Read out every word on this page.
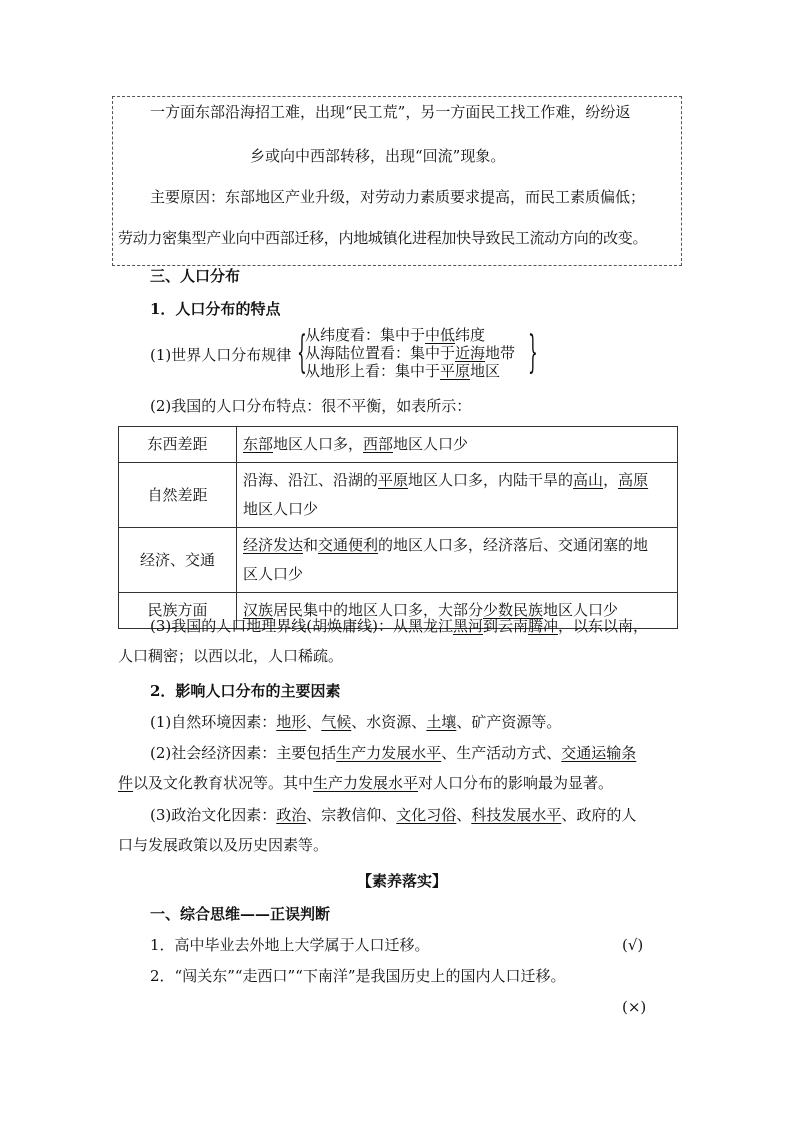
一方面东部沿海招工难，出现“民工荒”，另一方面民工找工作难，纷纷返
乡或向中西部转移，出现“回流”现象。
主要原因：东部地区产业升级，对劳动力素质要求提高，而民工素质偏低；
劳动力密集型产业向中西部迁移，内地城镇化进程加快导致民工流动方向的改变。
三、人口分布
1．人口分布的特点
(1)世界人口分布规律 {
从纬度看：集中于中低纬度
从海陆位置看：集中于近海地带
从地形上看：集中于平原地区 }
(2)我国的人口分布特点：很不平衡，如表所示：
东西差距	东部地区人口多，西部地区人口少
自然差距	沿海、沿江、沿湖的平原地区人口多，内陆干旱的高山，高原
地区人口少
经济、交通	经济发达和交通便利的地区人口多，经济落后、交通闭塞的地
区人口少
民族方面	汉族居民集中的地区人口多，大部分少数民族地区人口少
(3)我国的人口地理界线(胡焕庸线)：从黑龙江黑河到云南腾冲，以东以南，
人口稠密；以西以北，人口稀疏。
2．影响人口分布的主要因素
(1)自然环境因素：地形、气候、水资源、土壤、矿产资源等。
(2)社会经济因素：主要包括生产力发展水平、生产活动方式、交通运输条
件以及文化教育状况等。其中生产力发展水平对人口分布的影响最为显著。
(3)政治文化因素：政治、宗教信仰、文化习俗、科技发展水平、政府的人
口与发展政策以及历史因素等。
【素养落实】
一、综合思维——正误判断
1．高中毕业去外地上大学属于人口迁移。	(√)
2．“闯关东”“走西口”“下南洋”是我国历史上的国内人口迁移。
(×)
